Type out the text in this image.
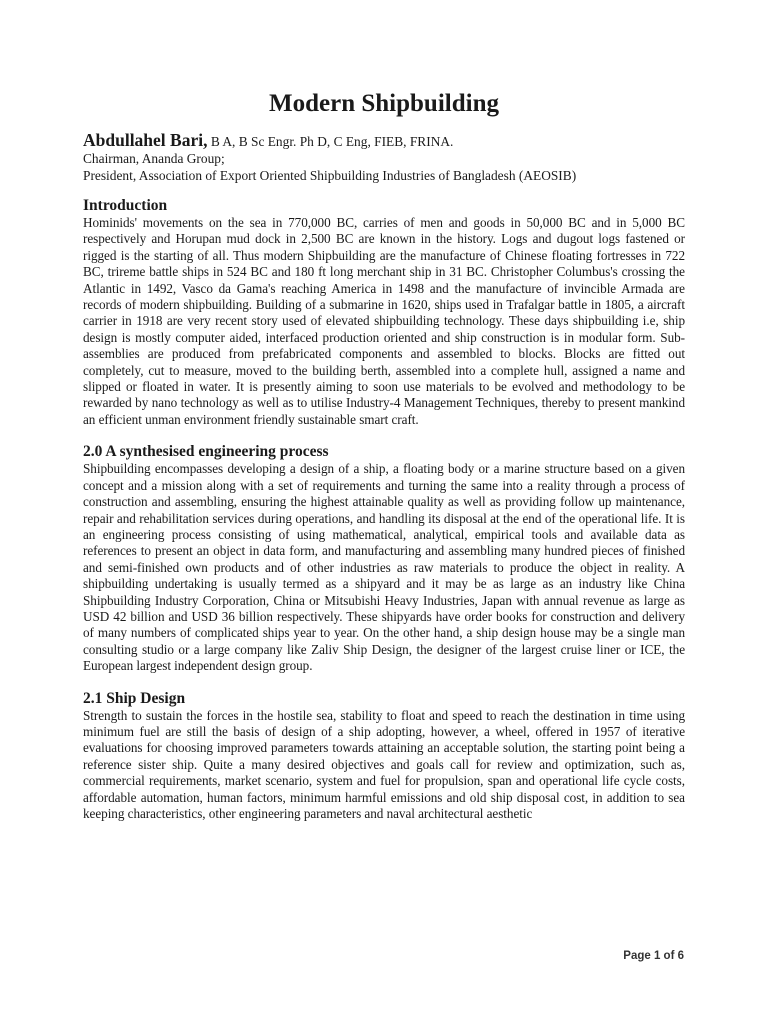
Modern Shipbuilding

Abdullahel Bari, B A, B Sc Engr. Ph D, C Eng, FIEB, FRINA.

Chairman, Ananda Group;

President, Association of Export Oriented Shipbuilding Industries of Bangladesh (AEOSIB)

Introduction

Hominids' movements on the sea in 770,000 BC, carries of men and goods in 50,000 BC and in 5,000 BC respectively and Horupan mud dock in 2,500 BC are known in the history. Logs and dugout logs fastened or rigged is the starting of all. Thus modern Shipbuilding are the manufacture of Chinese floating fortresses in 722 BC, trireme battle ships in 524 BC and 180 ft long merchant ship in 31 BC. Christopher Columbus's crossing the Atlantic in 1492, Vasco da Gama's reaching America in 1498 and the manufacture of invincible Armada are records of modern shipbuilding. Building of a submarine in 1620, ships used in Trafalgar battle in 1805, a aircraft carrier in 1918 are very recent story used of elevated shipbuilding technology. These days shipbuilding i.e, ship design is mostly computer aided, interfaced production oriented and ship construction is in modular form. Sub-assemblies are produced from prefabricated components and assembled to blocks. Blocks are fitted out completely, cut to measure, moved to the building berth, assembled into a complete hull, assigned a name and slipped or floated in water. It is presently aiming to soon use materials to be evolved and methodology to be rewarded by nano technology as well as to utilise Industry-4 Management Techniques, thereby to present mankind an efficient unman environment friendly sustainable smart craft.

2.0 A synthesised engineering process

Shipbuilding encompasses developing a design of a ship, a floating body or a marine structure based on a given concept and a mission along with a set of requirements and turning the same into a reality through a process of construction and assembling, ensuring the highest attainable quality as well as providing follow up maintenance, repair and rehabilitation services during operations, and handling its disposal at the end of the operational life. It is an engineering process consisting of using mathematical, analytical, empirical tools and available data as references to present an object in data form, and manufacturing and assembling many hundred pieces of finished and semi-finished own products and of other industries as raw materials to produce the object in reality. A shipbuilding undertaking is usually termed as a shipyard and it may be as large as an industry like China Shipbuilding Industry Corporation, China or Mitsubishi Heavy Industries, Japan with annual revenue as large as USD 42 billion and USD 36 billion respectively. These shipyards have order books for construction and delivery of many numbers of complicated ships year to year. On the other hand, a ship design house may be a single man consulting studio or a large company like Zaliv Ship Design, the designer of the largest cruise liner or ICE, the European largest independent design group.

2.1 Ship Design

Strength to sustain the forces in the hostile sea, stability to float and speed to reach the destination in time using minimum fuel are still the basis of design of a ship adopting, however, a wheel, offered in 1957 of iterative evaluations for choosing improved parameters towards attaining an acceptable solution, the starting point being a reference sister ship. Quite a many desired objectives and goals call for review and optimization, such as, commercial requirements, market scenario, system and fuel for propulsion, span and operational life cycle costs, affordable automation, human factors, minimum harmful emissions and old ship disposal cost, in addition to sea keeping characteristics, other engineering parameters and naval architectural aesthetic

Page 1 of 6
